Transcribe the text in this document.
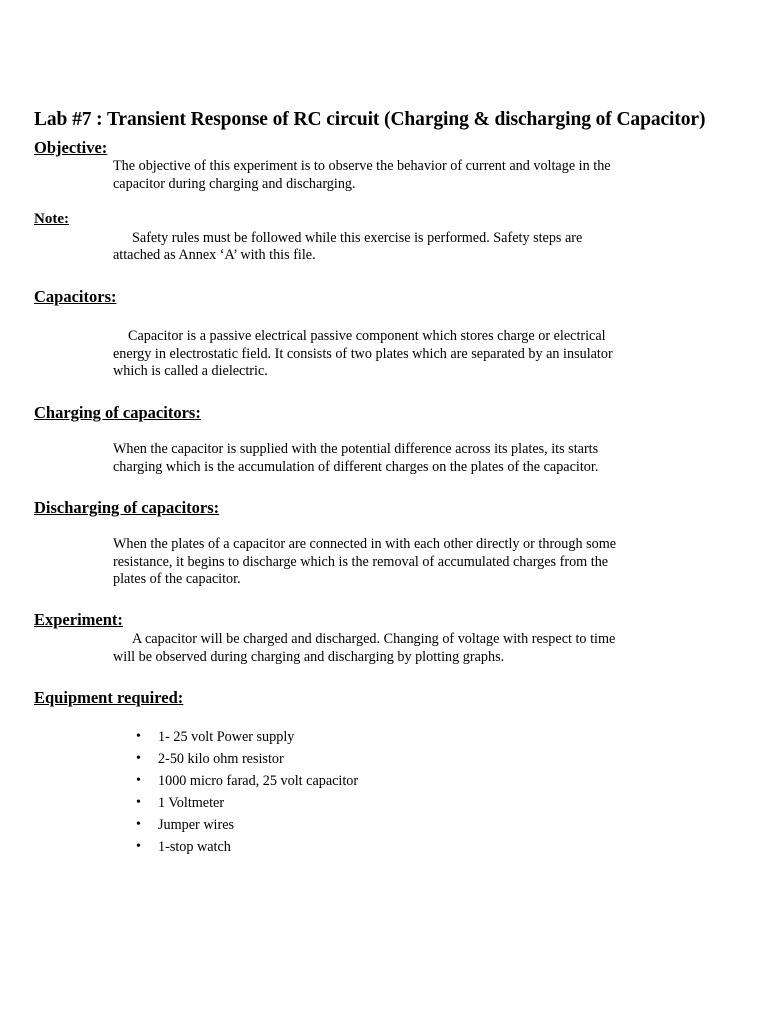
Lab #7 : Transient Response of RC circuit (Charging & discharging of Capacitor)
Objective:
The objective of this experiment is to observe the behavior of current and voltage in the
capacitor during charging and discharging.
Note:
Safety rules must be followed while this exercise is performed. Safety steps are
attached as Annex ‘A’ with this file.
Capacitors:
Capacitor is a passive electrical passive component which stores charge or electrical
energy in electrostatic field. It consists of two plates which are separated by an insulator
which is called a dielectric.
Charging of capacitors:
When the capacitor is supplied with the potential difference across its plates, its starts
charging which is the accumulation of different charges on the plates of the capacitor.
Discharging of capacitors:
When the plates of a capacitor are connected in with each other directly or through some
resistance, it begins to discharge which is the removal of accumulated charges from the
plates of the capacitor.
Experiment:
A capacitor will be charged and discharged. Changing of voltage with respect to time
will be observed during charging and discharging by plotting graphs.
Equipment required:
• 1- 25 volt Power supply
• 2-50 kilo ohm resistor
• 1000 micro farad, 25 volt capacitor
• 1 Voltmeter
• Jumper wires
• 1-stop watch
